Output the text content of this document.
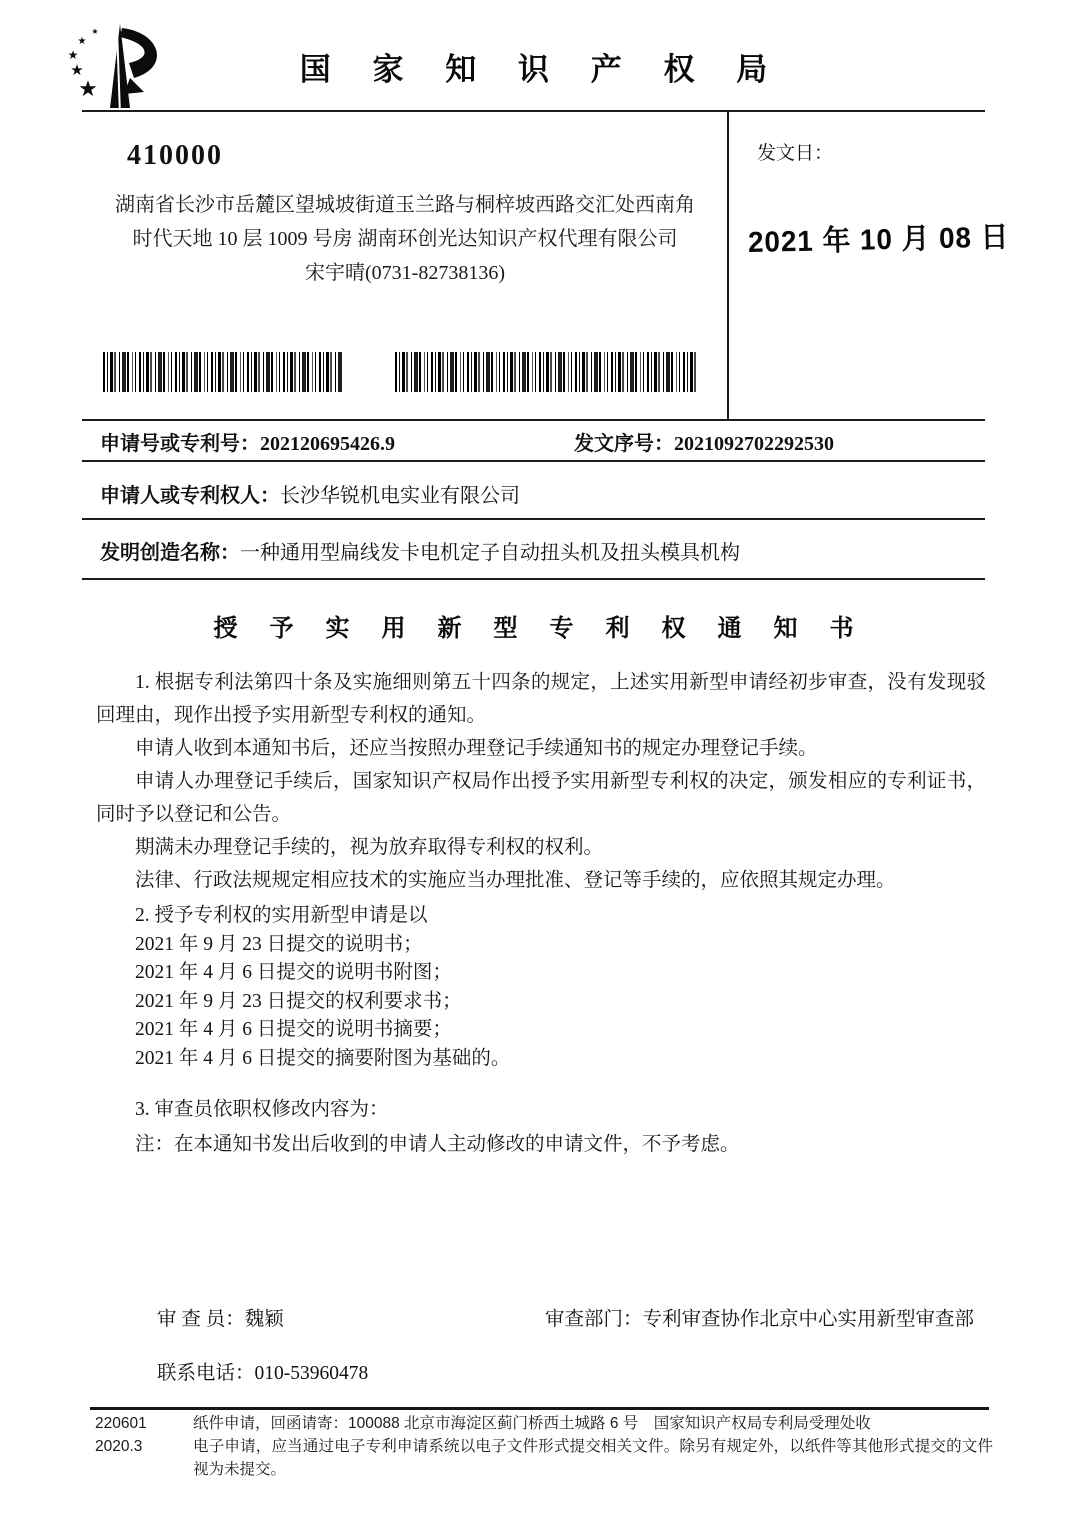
★
★
★
★
★
国 家 知 识 产 权 局
410000
湖南省长沙市岳麓区望城坡街道玉兰路与桐梓坡西路交汇处西南角
时代天地 10 层 1009 号房 湖南环创光达知识产权代理有限公司
宋宇晴(0731-82738136)
发文日：
2021 年 10 月 08 日
申请号或专利号：202120695426.9	发文序号：2021092702292530
申请人或专利权人：长沙华锐机电实业有限公司
发明创造名称：一种通用型扁线发卡电机定子自动扭头机及扭头模具机构
授 予 实 用 新 型 专 利 权 通 知 书

1. 根据专利法第四十条及实施细则第五十四条的规定，上述实用新型申请经初步审查，没有发现驳回理由，现作出授予实用新型专利权的通知。

申请人收到本通知书后，还应当按照办理登记手续通知书的规定办理登记手续。

申请人办理登记手续后，国家知识产权局作出授予实用新型专利权的决定，颁发相应的专利证书，同时予以登记和公告。

期满未办理登记手续的，视为放弃取得专利权的权利。

法律、行政法规规定相应技术的实施应当办理批准、登记等手续的，应依照其规定办理。

2. 授予专利权的实用新型申请是以
2021 年 9 月 23 日提交的说明书；
2021 年 4 月 6 日提交的说明书附图；
2021 年 9 月 23 日提交的权利要求书；
2021 年 4 月 6 日提交的说明书摘要；
2021 年 4 月 6 日提交的摘要附图为基础的。
3. 审查员依职权修改内容为：
注：在本通知书发出后收到的申请人主动修改的申请文件，不予考虑。
审 查 员：魏颖	审查部门：专利审查协作北京中心实用新型审查部
联系电话：010-53960478
220601
2020.3

纸件申请，回函请寄：100088 北京市海淀区蓟门桥西土城路 6 号　国家知识产权局专利局受理处收

电子申请，应当通过电子专利申请系统以电子文件形式提交相关文件。除另有规定外，以纸件等其他形式提交的文件视为未提交。
